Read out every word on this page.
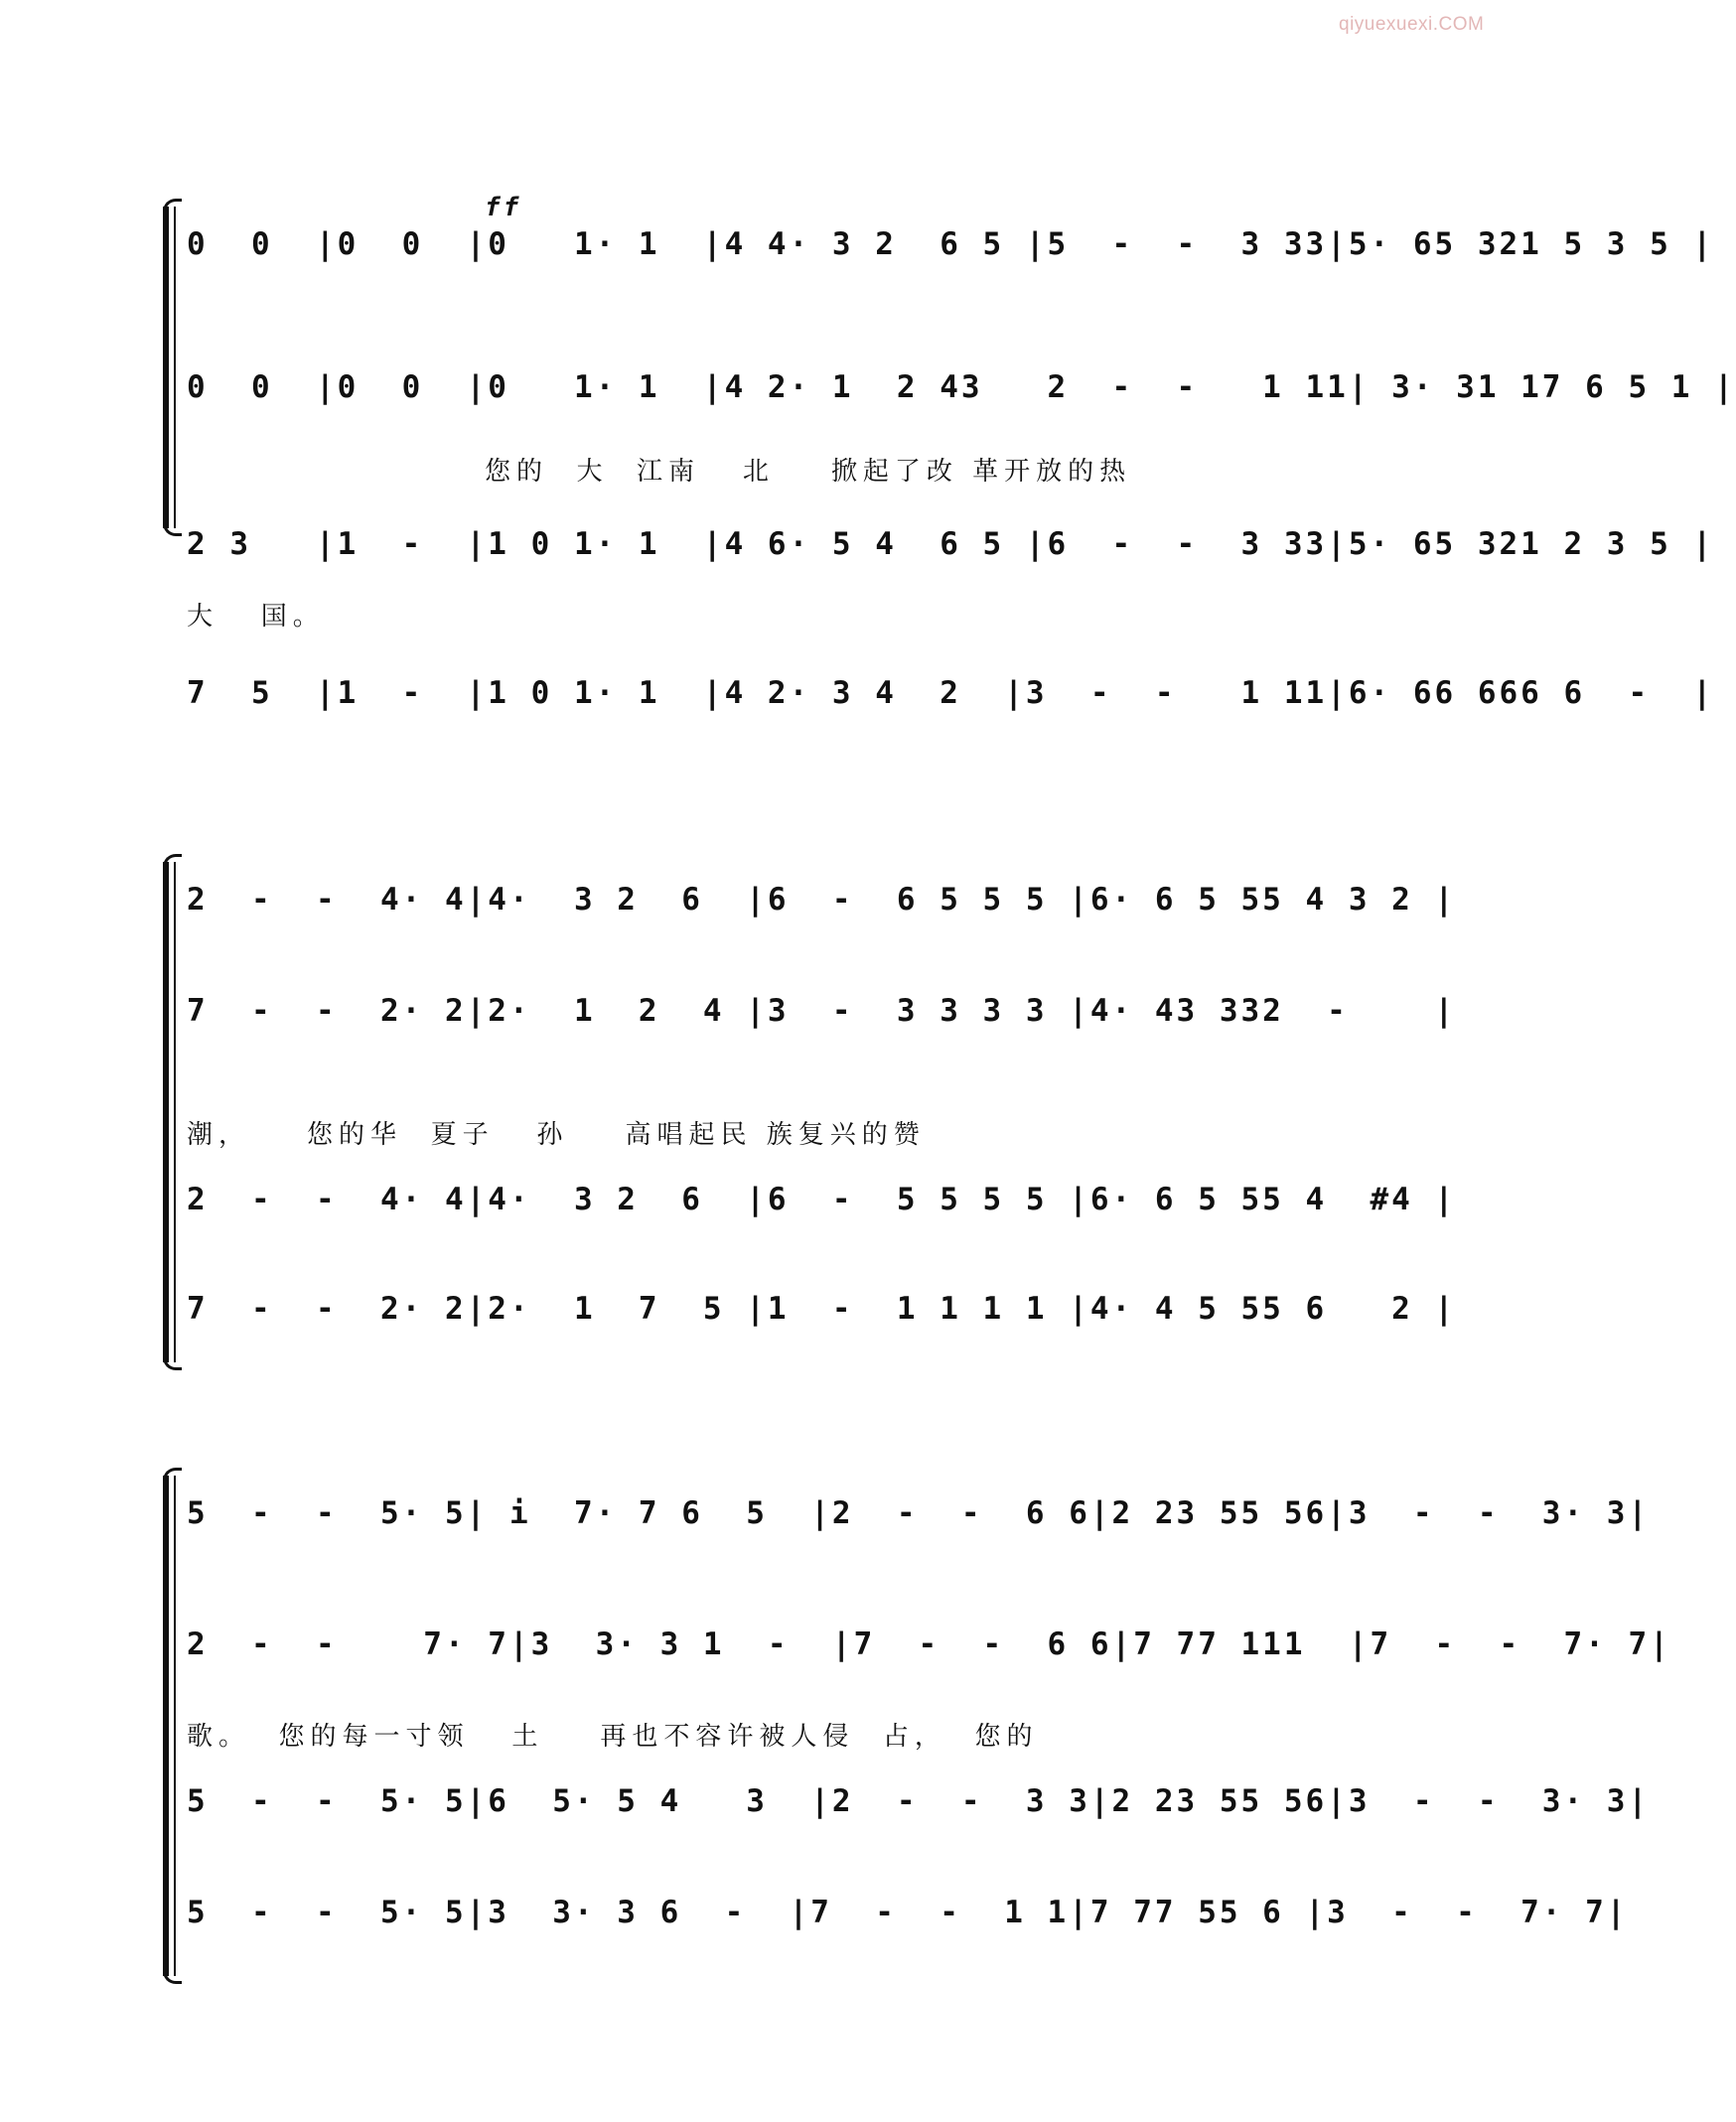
qiyuexuexi.COM
ff
0  0  |0  0  |0   1· 1  |4 4· 3 2  6 5 |5  -  -  3 33|5· 65 321 5 3 5 |
0  0  |0  0  |0   1· 1  |4 2· 1  2 43   2  -  -   1 11| 3· 31 17 6 5 1 |
您的  大  江南   北    掀起了改 革开放的热
2 3   |1  -  |1 0 1· 1  |4 6· 5 4  6 5 |6  -  -  3 33|5· 65 321 2 3 5 |
大   国。
7  5  |1  -  |1 0 1· 1  |4 2· 3 4  2  |3  -  -   1 11|6· 66 666 6  -  |
2  -  -  4· 4|4·  3 2  6  |6  -  6 5 5 5 |6· 6 5 55 4 3 2 |
7  -  -  2· 2|2·  1  2  4 |3  -  3 3 3 3 |4· 43 332  -    |
潮，    您的华  夏子   孙    高唱起民 族复兴的赞
2  -  -  4· 4|4·  3 2  6  |6  -  5 5 5 5 |6· 6 5 55 4  #4 |
7  -  -  2· 2|2·  1  7  5 |1  -  1 1 1 1 |4· 4 5 55 6   2 |
5  -  -  5· 5| i  7· 7 6  5  |2  -  -  6 6|2 23 55 56|3  -  -  3· 3|
2  -  -    7· 7|3  3· 3 1  -  |7  -  -  6 6|7 77 111  |7  -  -  7· 7|
歌。  您的每一寸领   土    再也不容许被人侵  占，  您的
5  -  -  5· 5|6  5· 5 4   3  |2  -  -  3 3|2 23 55 56|3  -  -  3· 3|
5  -  -  5· 5|3  3· 3 6  -  |7  -  -  1 1|7 77 55 6 |3  -  -  7· 7|
